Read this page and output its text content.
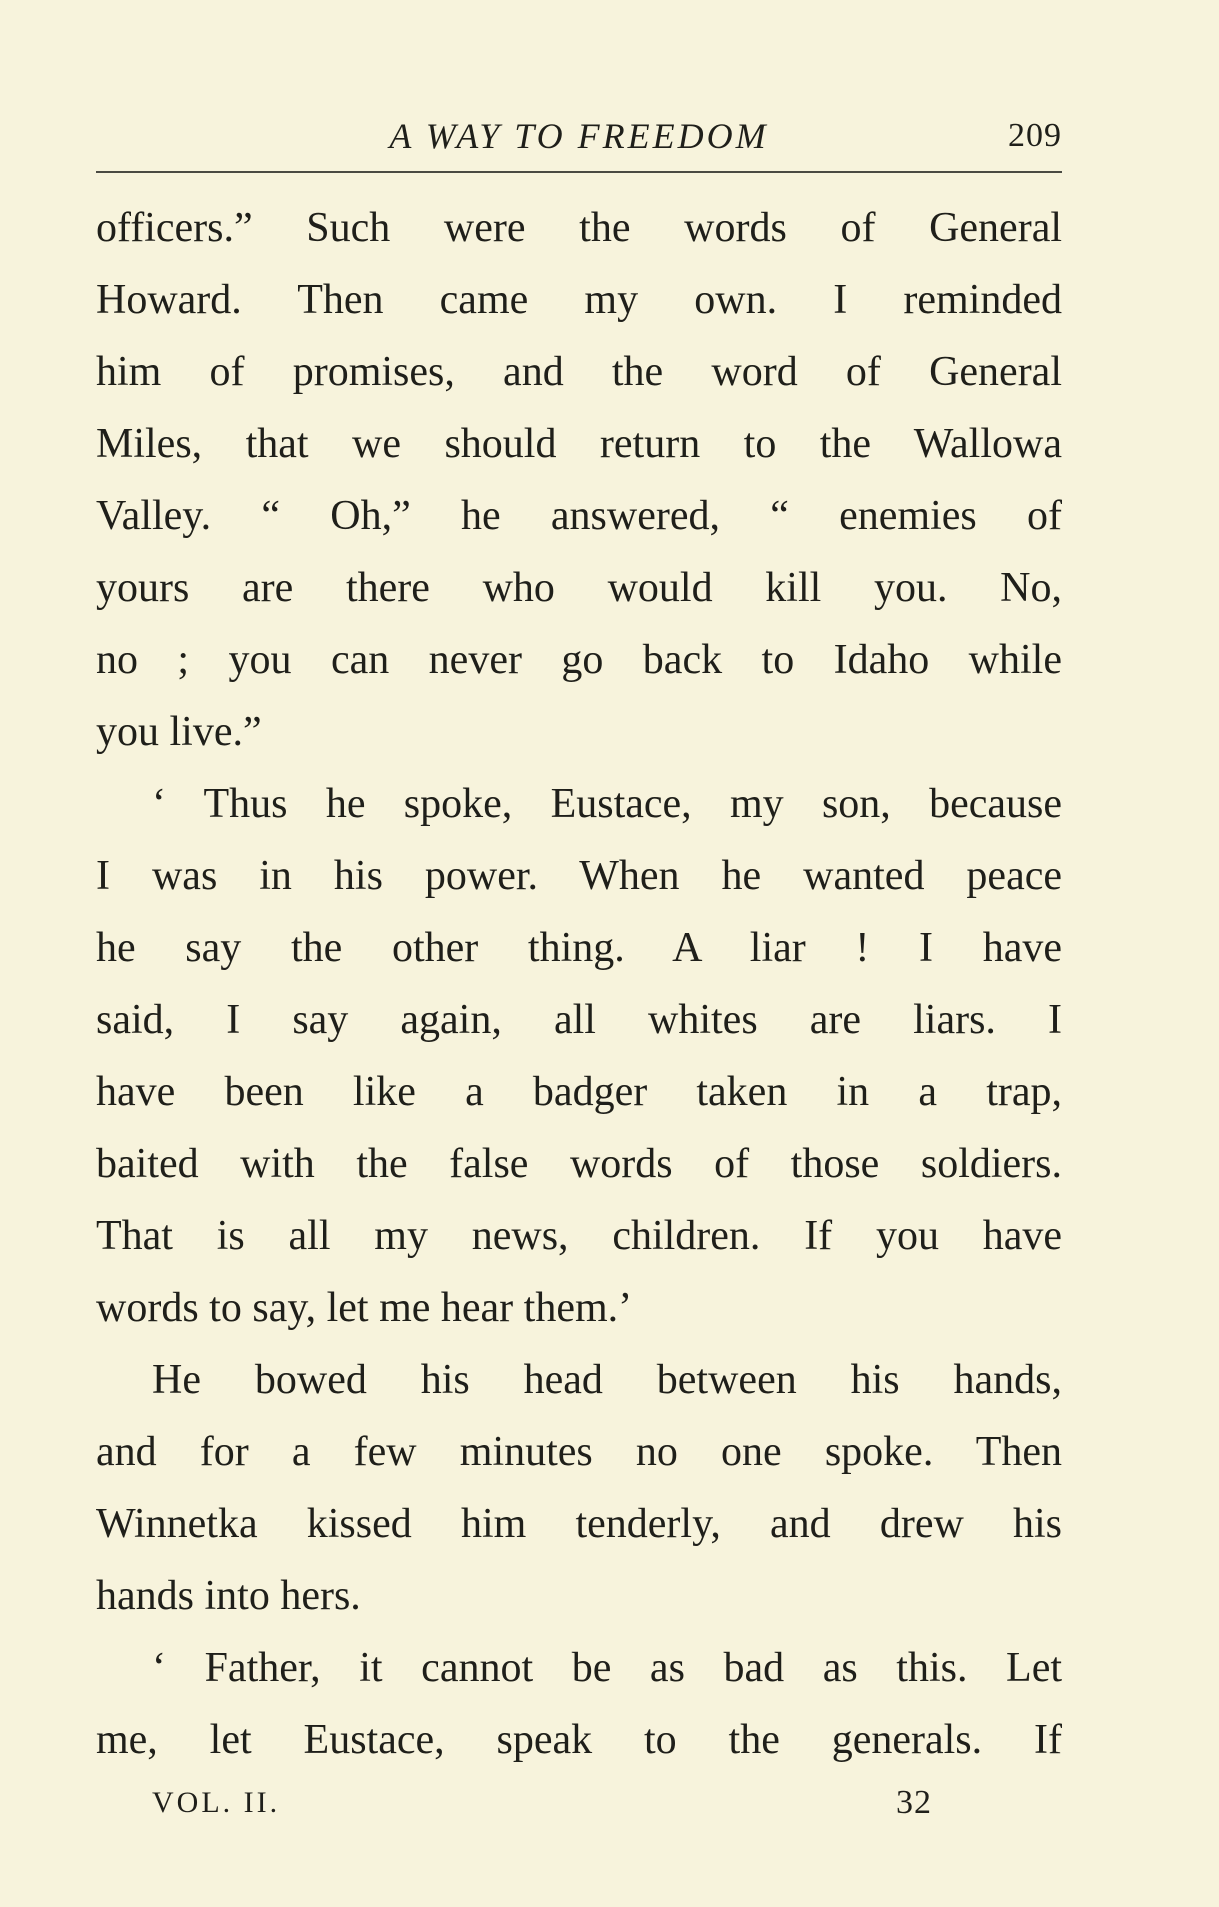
A WAY TO FREEDOM	209
officers.” Such were the words of General
Howard. Then came my own. I reminded
him of promises, and the word of General
Miles, that we should return to the Wallowa
Valley. “ Oh,” he answered, “ enemies of
yours are there who would kill you. No,
no ; you can never go back to Idaho while
you live.”
‘ Thus he spoke, Eustace, my son, because
I was in his power. When he wanted peace
he say the other thing. A liar ! I have
said, I say again, all whites are liars. I
have been like a badger taken in a trap,
baited with the false words of those soldiers.
That is all my news, children. If you have
words to say, let me hear them.’
He bowed his head between his hands,
and for a few minutes no one spoke. Then
Winnetka kissed him tenderly, and drew his
hands into hers.
‘ Father, it cannot be as bad as this. Let
me, let Eustace, speak to the generals. If
VOL. II.	32
